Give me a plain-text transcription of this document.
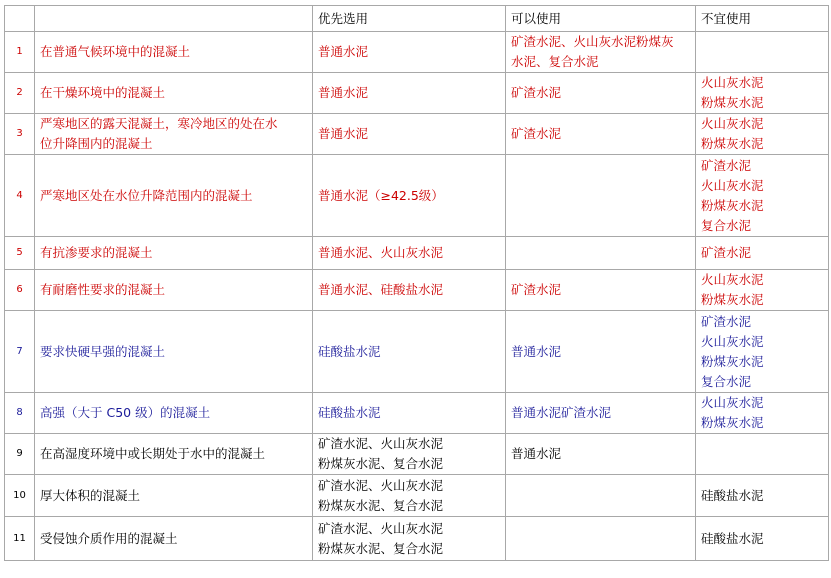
		优先选用	可以使用	不宜使用
1	在普通气候环境中的混凝土	普通水泥	矿渣水泥、火山灰水泥粉煤灰
水泥、复合水泥	
2	在干燥环境中的混凝土	普通水泥	矿渣水泥	火山灰水泥
粉煤灰水泥
3	严寒地区的露天混凝土，寒冷地区的处在水
位升降围内的混凝土	普通水泥	矿渣水泥	火山灰水泥
粉煤灰水泥
4	严寒地区处在水位升降范围内的混凝土	普通水泥（≥42.5级）		矿渣水泥
火山灰水泥
粉煤灰水泥
复合水泥
5	有抗渗要求的混凝土	普通水泥、火山灰水泥		矿渣水泥
6	有耐磨性要求的混凝土	普通水泥、硅酸盐水泥	矿渣水泥	火山灰水泥
粉煤灰水泥
7	要求快硬早强的混凝土	硅酸盐水泥	普通水泥	矿渣水泥
火山灰水泥
粉煤灰水泥
复合水泥
8	高强（大于 C50 级）的混凝土	硅酸盐水泥	普通水泥矿渣水泥	火山灰水泥
粉煤灰水泥
9	在高湿度环境中或长期处于水中的混凝土	矿渣水泥、火山灰水泥
粉煤灰水泥、复合水泥	普通水泥	
10	厚大体积的混凝土	矿渣水泥、火山灰水泥
粉煤灰水泥、复合水泥		硅酸盐水泥
11	受侵蚀介质作用的混凝土	矿渣水泥、火山灰水泥
粉煤灰水泥、复合水泥		硅酸盐水泥
